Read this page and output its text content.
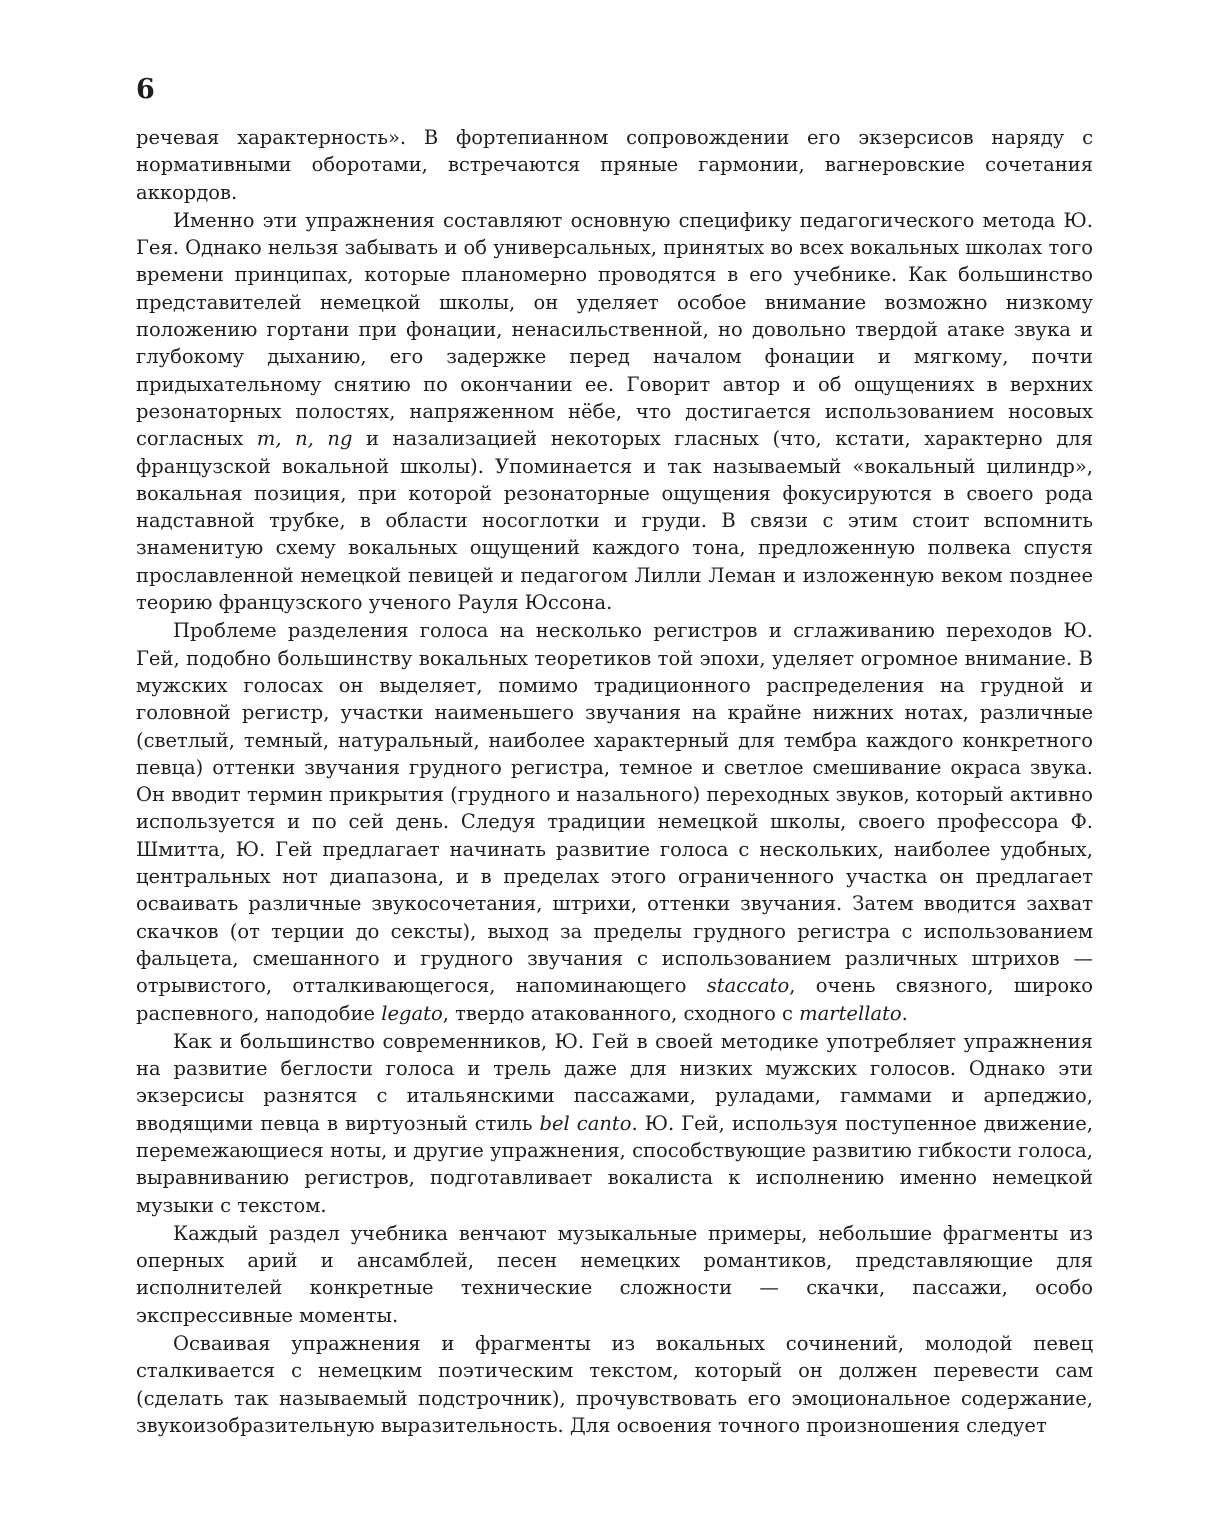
6

речевая характерность». В фортепианном сопровождении его экзерсисов наряду с нормативными оборотами, встречаются пряные гармонии, вагнеровские сочетания аккордов.

Именно эти упражнения составляют основную специфику педагогического метода Ю. Гея. Однако нельзя забывать и об универсальных, принятых во всех вокальных школах того времени принципах, которые планомерно проводятся в его учебнике. Как большинство представителей немецкой школы, он уделяет особое внимание возможно низкому положению гортани при фонации, ненасильственной, но довольно твердой атаке звука и глубокому дыханию, его задержке перед началом фонации и мягкому, почти придыхательному снятию по окончании ее. Говорит автор и об ощущениях в верхних резонаторных полостях, напряженном нёбе, что достигается использованием носовых согласных m, n, ng и назализацией некоторых гласных (что, кстати, характерно для французской вокальной школы). Упоминается и так называемый «вокальный цилиндр», вокальная позиция, при которой резонаторные ощущения фокусируются в своего рода надставной трубке, в области носоглотки и груди. В связи с этим стоит вспомнить знаменитую схему вокальных ощущений каждого тона, предложенную полвека спустя прославленной немецкой певицей и педагогом Лилли Леман и изложенную веком позднее теорию французского ученого Рауля Юссона.

Проблеме разделения голоса на несколько регистров и сглаживанию переходов Ю. Гей, подобно большинству вокальных теоретиков той эпохи, уделяет огромное внимание. В мужских голосах он выделяет, помимо традиционного распределения на грудной и головной регистр, участки наименьшего звучания на крайне нижних нотах, различные (светлый, темный, натуральный, наиболее характерный для тембра каждого конкретного певца) оттенки звучания грудного регистра, темное и светлое смешивание окраса звука. Он вводит термин прикрытия (грудного и назального) переходных звуков, который активно используется и по сей день. Следуя традиции немецкой школы, своего профессора Ф. Шмитта, Ю. Гей предлагает начинать развитие голоса с нескольких, наиболее удобных, центральных нот диапазона, и в пределах этого ограниченного участка он предлагает осваивать различные звукосочетания, штрихи, оттенки звучания. Затем вводится захват скачков (от терции до сексты), выход за пределы грудного регистра с использованием фальцета, смешанного и грудного звучания с использованием различных штрихов — отрывистого, отталкивающегося, напоминающего staccato, очень связного, широко распевного, наподобие legato, твердо атакованного, сходного с martellato.

Как и большинство современников, Ю. Гей в своей методике употребляет упражнения на развитие беглости голоса и трель даже для низких мужских голосов. Однако эти экзерсисы разнятся с итальянскими пассажами, руладами, гаммами и арпеджио, вводящими певца в виртуозный стиль bel canto. Ю. Гей, используя поступенное движение, перемежающиеся ноты, и другие упражнения, способствующие развитию гибкости голоса, выравниванию регистров, подготавливает вокалиста к исполнению именно немецкой музыки с текстом.

Каждый раздел учебника венчают музыкальные примеры, небольшие фрагменты из оперных арий и ансамблей, песен немецких романтиков, представляющие для исполнителей конкретные технические сложности — скачки, пассажи, особо экспрессивные моменты.

Осваивая упражнения и фрагменты из вокальных сочинений, молодой певец сталкивается с немецким поэтическим текстом, который он должен перевести сам (сделать так называемый подстрочник), прочувствовать его эмоциональное содержание, звукоизобразительную выразительность. Для освоения точного произношения следует
